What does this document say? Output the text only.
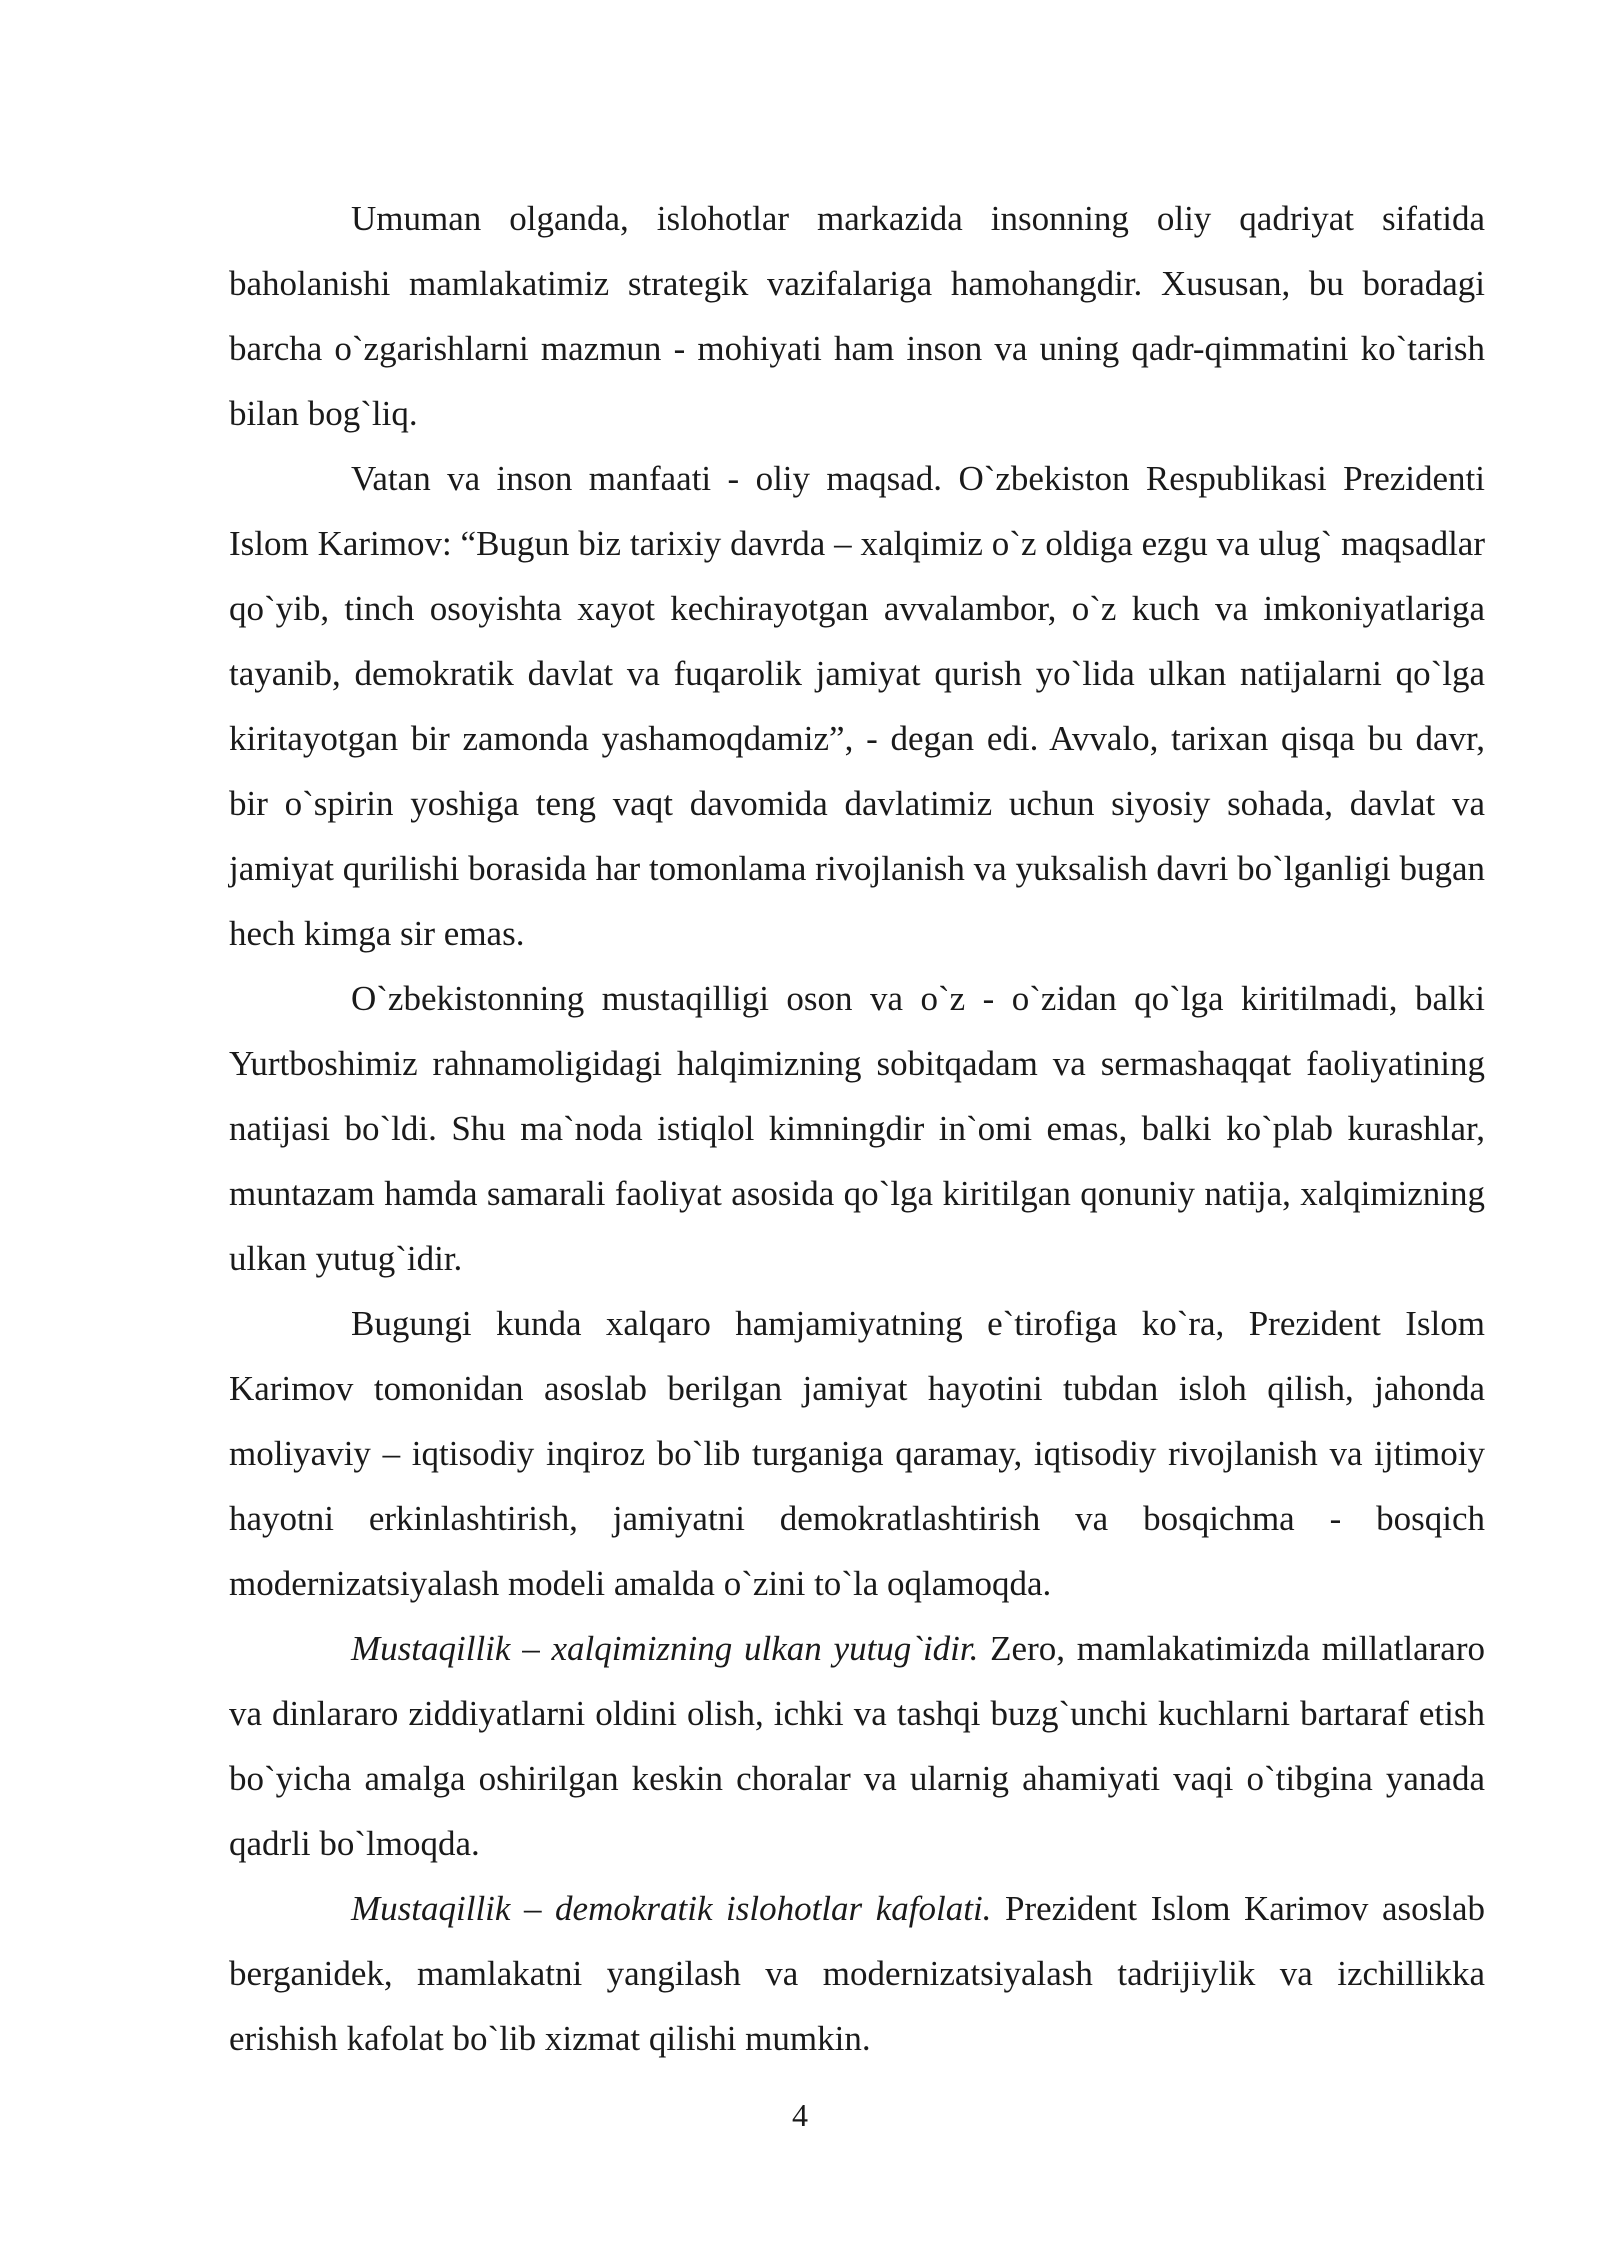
Umuman olganda, islohotlar markazida insonning oliy qadriyat sifatida baholanishi mamlakatimiz strategik vazifalariga hamohangdir. Xususan, bu boradagi barcha o`zgarishlarni mazmun - mohiyati ham inson va uning qadr-qimmatini ko`tarish bilan bog`liq.

Vatan va inson manfaati - oliy maqsad. O`zbekiston Respublikasi Prezidenti Islom Karimov: “Bugun biz tarixiy davrda – xalqimiz o`z oldiga ezgu va ulug` maqsadlar qo`yib, tinch osoyishta xayot kechirayotgan avvalambor, o`z kuch va imkoniyatlariga tayanib, demokratik davlat va fuqarolik jamiyat qurish yo`lida ulkan natijalarni qo`lga kiritayotgan bir zamonda yashamoqdamiz”, - degan edi. Avvalo, tarixan qisqa bu davr, bir o`spirin yoshiga teng vaqt davomida davlatimiz uchun siyosiy sohada, davlat va jamiyat qurilishi borasida har tomonlama rivojlanish va yuksalish davri bo`lganligi bugan hech kimga sir emas.

O`zbekistonning mustaqilligi oson va o`z - o`zidan qo`lga kiritilmadi, balki Yurtboshimiz rahnamoligidagi halqimizning sobitqadam va sermashaqqat faoliyatining natijasi bo`ldi. Shu ma`noda istiqlol kimningdir in`omi emas, balki ko`plab kurashlar, muntazam hamda samarali faoliyat asosida qo`lga kiritilgan qonuniy natija, xalqimizning ulkan yutug`idir.

Bugungi kunda xalqaro hamjamiyatning e`tirofiga ko`ra, Prezident Islom Karimov tomonidan asoslab berilgan jamiyat hayotini tubdan isloh qilish, jahonda moliyaviy – iqtisodiy inqiroz bo`lib turganiga qaramay, iqtisodiy rivojlanish va ijtimoiy hayotni erkinlashtirish, jamiyatni demokratlashtirish va bosqichma - bosqich modernizatsiyalash modeli amalda o`zini to`la oqlamoqda.

Mustaqillik – xalqimizning ulkan yutug`idir. Zero, mamlakatimizda millatlararo va dinlararo ziddiyatlarni oldini olish, ichki va tashqi buzg`unchi kuchlarni bartaraf etish bo`yicha amalga oshirilgan keskin choralar va ularnig ahamiyati vaqi o`tibgina yanada qadrli bo`lmoqda.

Mustaqillik – demokratik islohotlar kafolati. Prezident Islom Karimov asoslab berganidek, mamlakatni yangilash va modernizatsiyalash tadrijiylik va izchillikka erishish kafolat bo`lib xizmat qilishi mumkin.

4
